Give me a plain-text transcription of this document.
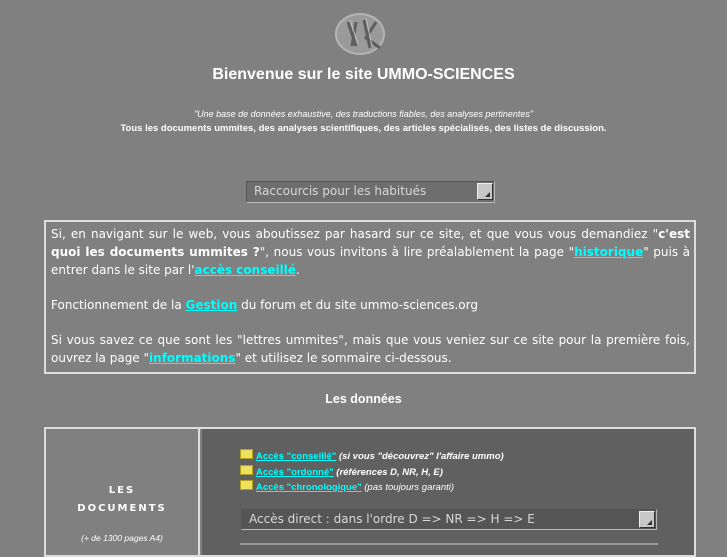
Bienvenue sur le site UMMO-SCIENCES
"Une base de données exhaustive, des traductions fiables, des analyses pertinentes"
Tous les documents ummites, des analyses scientifiques, des articles spécialisés, des listes de discussion.
Raccourcis pour les habitués

Si, en navigant sur le web, vous aboutissez par hasard sur ce site, et que vous vous demandiez "c'est quoi les documents ummites ?", nous vous invitons à lire préalablement la page "historique" puis à entrer dans le site par l'accès conseillé.

Fonctionnement de la Gestion du forum et du site ummo-sciences.org

Si vous savez ce que sont les "lettres ummites", mais que vous veniez sur ce site pour la première fois, ouvrez la page "informations" et utilisez le sommaire ci-dessous.

Les données
LES
DOCUMENTS
(+ de 1300 pages A4)
Accès "conseillé" (si vous "découvrez" l'affaire ummo)
Accès "ordonné" (références D, NR, H, E)
Accès "chronologique" (pas toujours garanti)
Accès direct : dans l'ordre D => NR => H => E
